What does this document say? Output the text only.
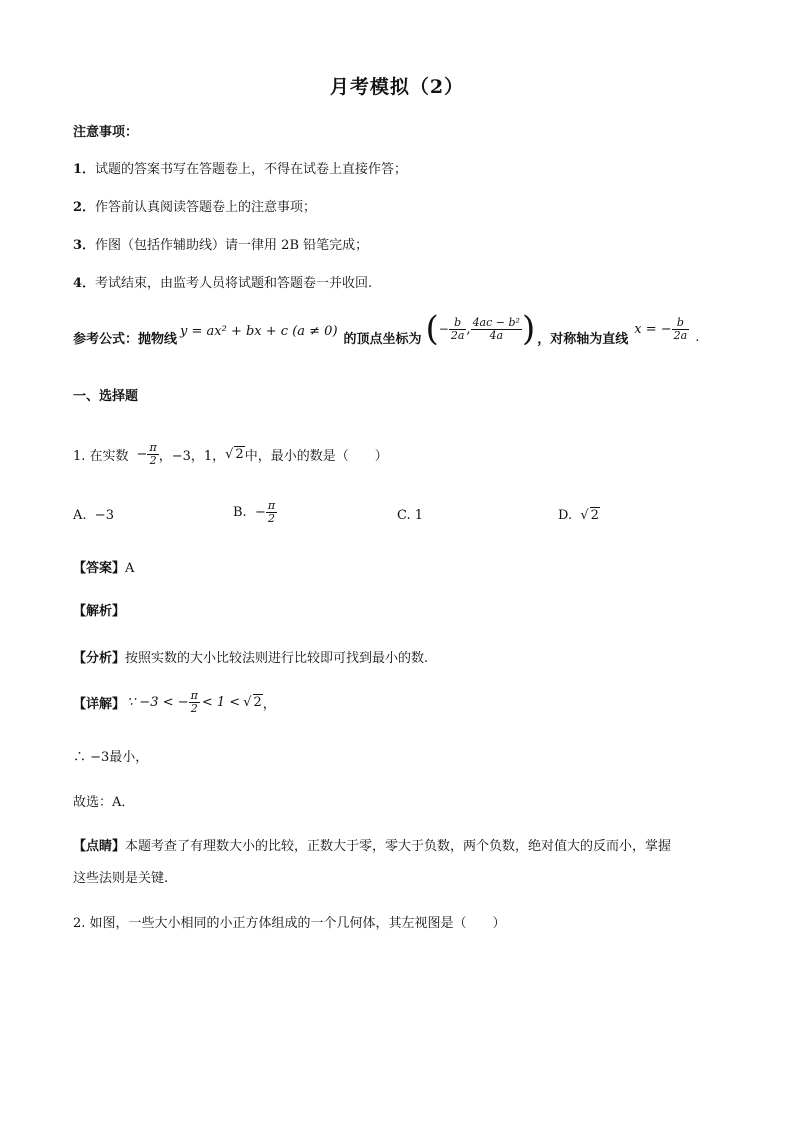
月考模拟（2）
注意事项：
1．试题的答案书写在答题卷上，不得在试卷上直接作答；
2．作答前认真阅读答题卷上的注意事项；
3．作图（包括作辅助线）请一律用 2B 铅笔完成；
4．考试结束，由监考人员将试题和答题卷一并收回.
参考公式：抛物线
y = ax² + bx + c (a ≠ 0)
的顶点坐标为 ( − $\frac{b}{2a}$ , $\frac{\text{4ac − b²}}{4a}$ ) ，对称轴为直线
x = − $\frac{b}{2a}$ .
一、选择题
1. 在实数 − $\frac{\pi}{2}$ ，−3，1， √ 2 中，最小的数是（　　）
A. −3	B.
− $\frac{\pi}{2}$	C. 1	D.  √ 2
【答案】A
【解析】
【分析】按照实数的大小比较法则进行比较即可找到最小的数.
【详解】 ∵ −3 < − $\frac{\pi}{2} < 1$ < √ 2 ，
∴ −3最小，
故选：A．
【点睛】本题考查了有理数大小的比较，正数大于零，零大于负数，两个负数，绝对值大的反而小，掌握
这些法则是关键.
2. 如图，一些大小相同的小正方体组成的一个几何体，其左视图是（　　）
